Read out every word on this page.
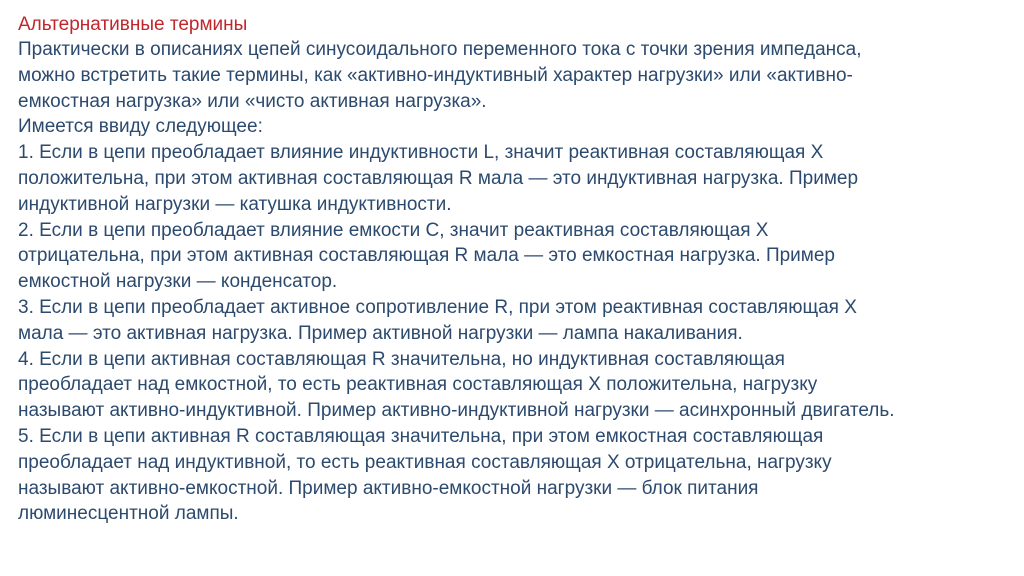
Альтернативные термины

Практически в описаниях цепей синусоидального переменного тока с точки зрения импеданса,

можно встретить такие термины, как «активно-индуктивный характер нагрузки» или «активно-

емкостная нагрузка» или «чисто активная нагрузка».

Имеется ввиду следующее:

1. Если в цепи преобладает влияние индуктивности L, значит реактивная составляющая X

положительна, при этом активная составляющая R мала — это индуктивная нагрузка. Пример

индуктивной нагрузки — катушка индуктивности.

2. Если в цепи преобладает влияние емкости C, значит реактивная составляющая X

отрицательна, при этом активная составляющая R мала — это емкостная нагрузка. Пример

емкостной нагрузки — конденсатор.

3. Если в цепи преобладает активное сопротивление R, при этом реактивная составляющая X

мала — это активная нагрузка. Пример активной нагрузки — лампа накаливания.

4. Если в цепи активная составляющая R значительна, но индуктивная составляющая

преобладает над емкостной, то есть реактивная составляющая X положительна, нагрузку

называют активно-индуктивной. Пример активно-индуктивной нагрузки — асинхронный двигатель.

5. Если в цепи активная R составляющая значительна, при этом емкостная составляющая

преобладает над индуктивной, то есть реактивная составляющая X отрицательна, нагрузку

называют активно-емкостной. Пример активно-емкостной нагрузки — блок питания

люминесцентной лампы.
